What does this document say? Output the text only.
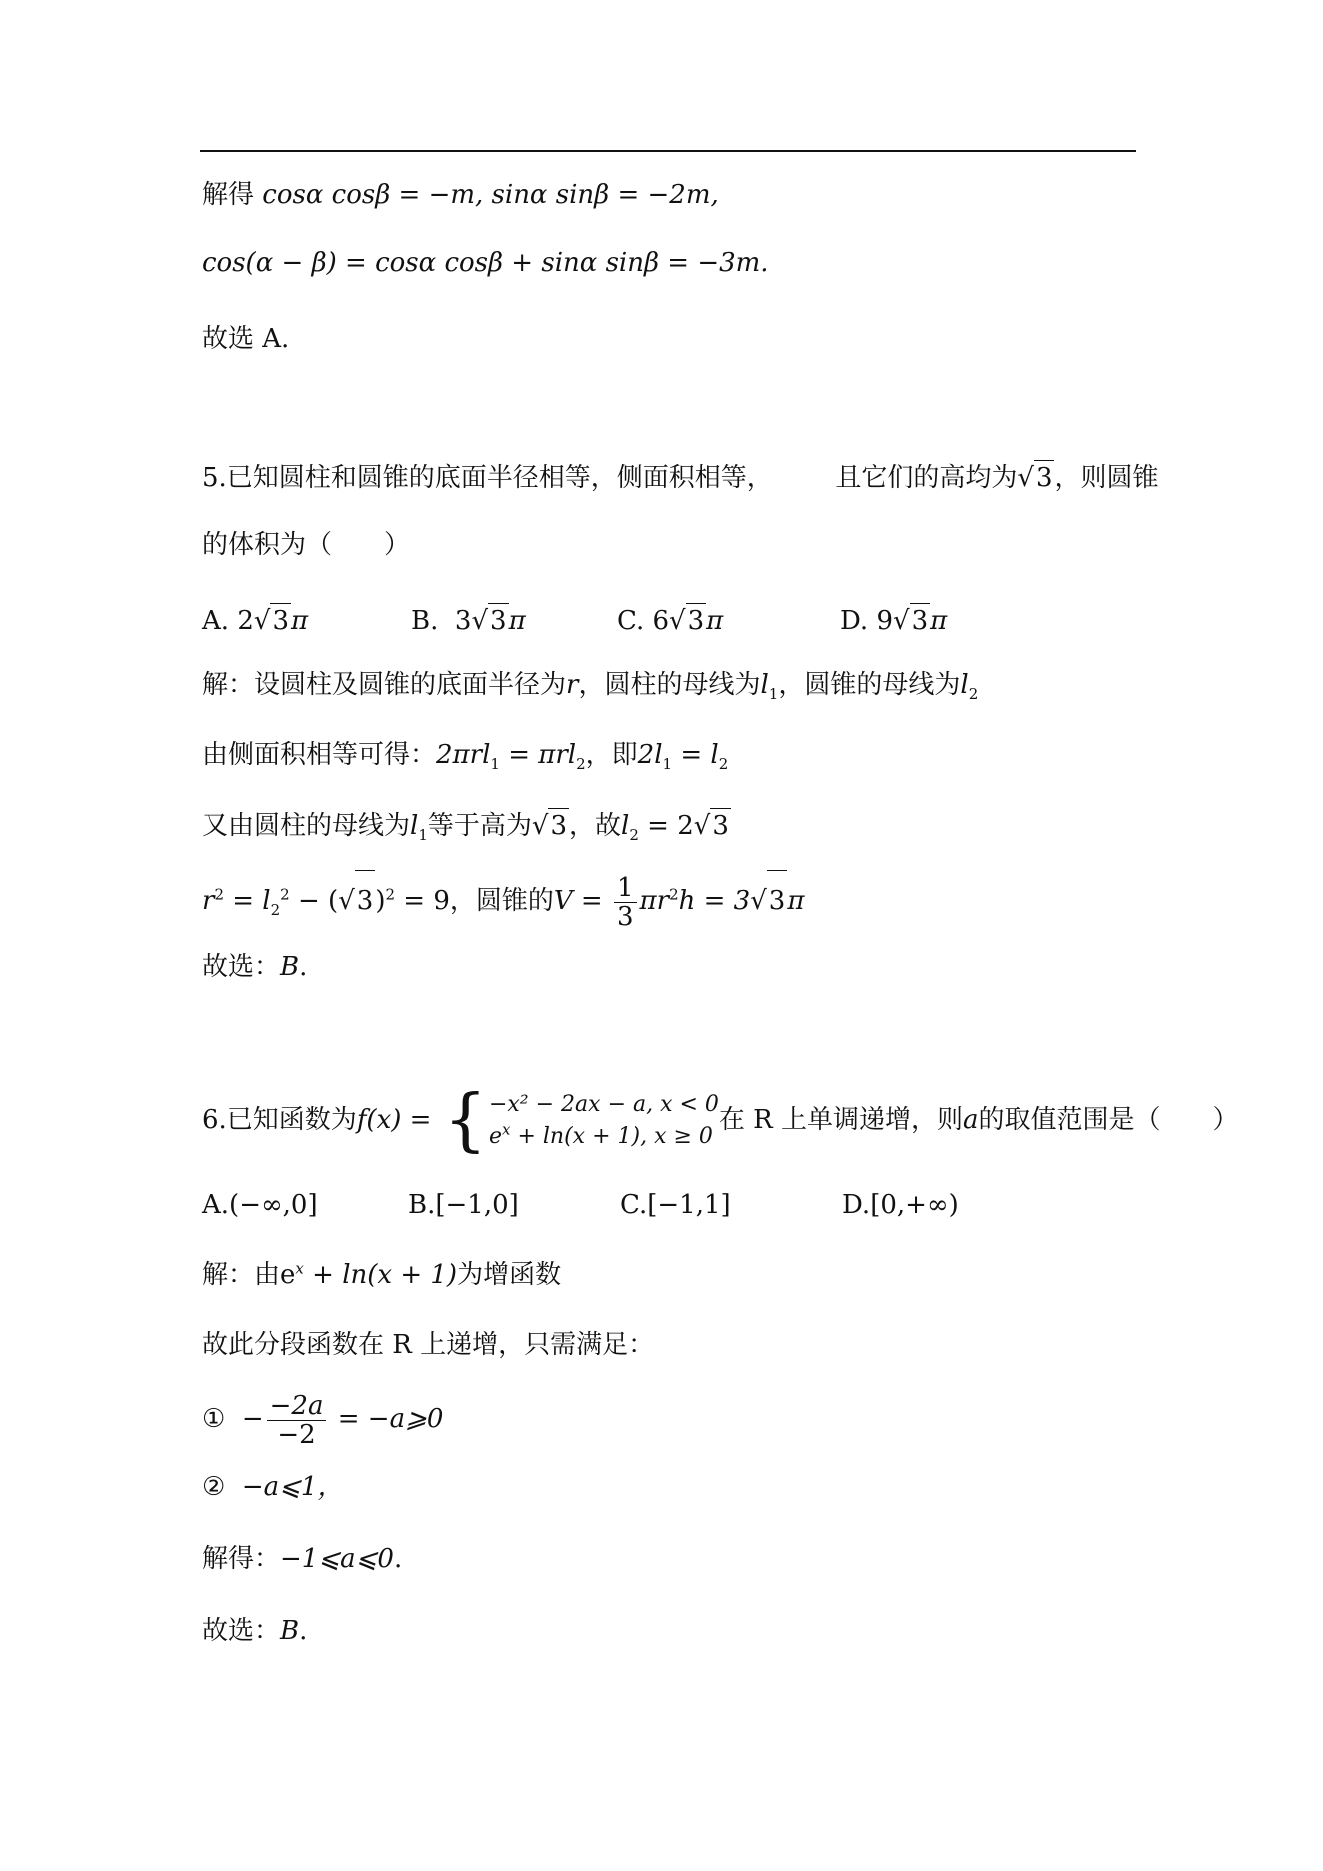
解得 cosα cosβ = −m, sinα sinβ = −2m,
cos(α − β) = cosα cosβ + sinα sinβ = −3m.
故选 A.
5.已知圆柱和圆锥的底面半径相等，侧面积相等， 且它们的高均为√3，则圆锥
的体积为（　　）
A. 2√3π	B. 3√3π	C. 6√3π	D. 9√3π
解：设圆柱及圆锥的底面半径为r，圆柱的母线为$l_1$，圆锥的母线为$l_2$
由侧面积相等可得：2πrl$_1$ = πrl$_2$，即$2l_1 = l_2$
又由圆柱的母线为$l_1$等于高为√3，故$l_2 = 2√3$
$r^2 = l_2^2 - (√3)^2 = 9$，圆锥的$V = \frac{1}{3} \pi r^2h = 3√3\pi$
故选：B.
6.已知函数为f(x) = { −x² − 2ax − a, x < 0
$e^x + \ln(x + 1)$, x ≥ 0
在 R 上单调递增，则a的取值范围是（　　）
A.(−∞,0]	B.[−1,0]	C.[−1,1]	D.[0,+∞)
解：由$e^x + \ln(x + 1)$为增函数
故此分段函数在 R 上递增，只需满足：
① − $\frac{-2a}{-2}$ = −a⩾0
② −a⩽1，
解得：−1⩽a⩽0.
故选：B.
